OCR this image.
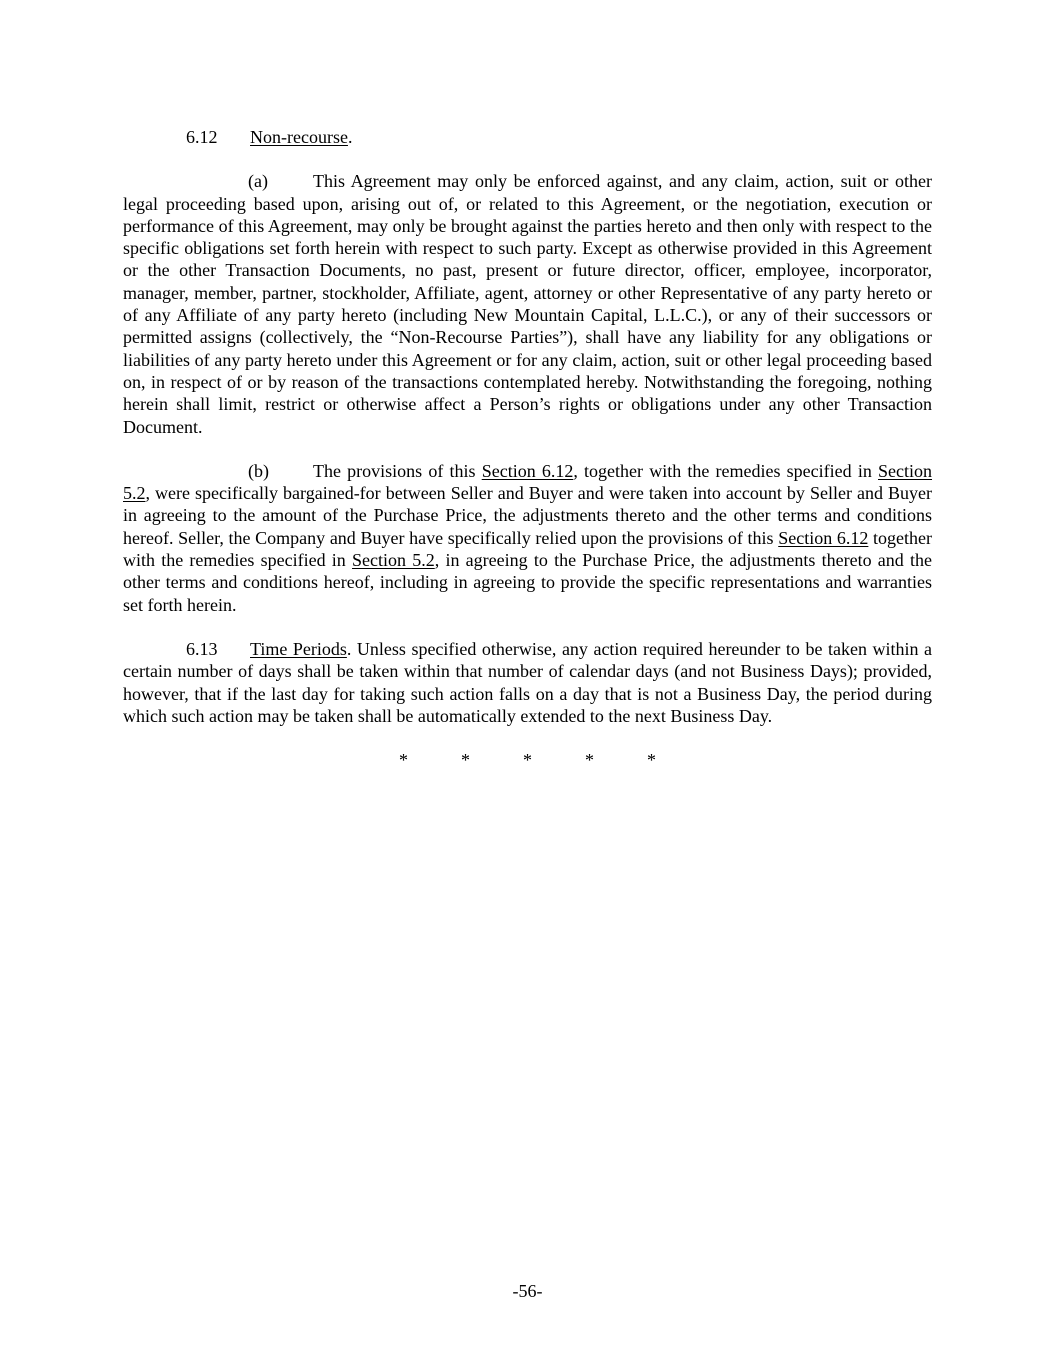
6.12 Non-recourse.

(a)	This Agreement may only be enforced against, and any claim, action, suit or other legal proceeding based upon, arising out of, or related to this Agreement, or the negotiation, execution or performance of this Agreement, may only be brought against the parties hereto and then only with respect to the specific obligations set forth herein with respect to such party. Except as otherwise provided in this Agreement or the other Transaction Documents, no past, present or future director, officer, employee, incorporator, manager, member, partner, stockholder, Affiliate, agent, attorney or other Representative of any party hereto or of any Affiliate of any party hereto (including New Mountain Capital, L.L.C.), or any of their successors or permitted assigns (collectively, the “Non-Recourse Parties”), shall have any liability for any obligations or liabilities of any party hereto under this Agreement or for any claim, action, suit or other legal proceeding based on, in respect of or by reason of the transactions contemplated hereby. Notwithstanding the foregoing, nothing herein shall limit, restrict or otherwise affect a Person’s rights or obligations under any other Transaction Document.

(b) The provisions of this Section 6.12, together with the remedies specified in Section 5.2, were specifically bargained-for between Seller and Buyer and were taken into account by Seller and Buyer in agreeing to the amount of the Purchase Price, the adjustments thereto and the other terms and conditions hereof. Seller, the Company and Buyer have specifically relied upon the provisions of this Section 6.12 together with the remedies specified in Section 5.2, in agreeing to the Purchase Price, the adjustments thereto and the other terms and conditions hereof, including in agreeing to provide the specific representations and warranties set forth herein.

6.13 Time Periods. Unless specified otherwise, any action required hereunder to be taken within a certain number of days shall be taken within that number of calendar days (and not Business Days); provided, however, that if the last day for taking such action falls on a day that is not a Business Day, the period during which such action may be taken shall be automatically extended to the next Business Day.

*	*	*	*	*
-56-
